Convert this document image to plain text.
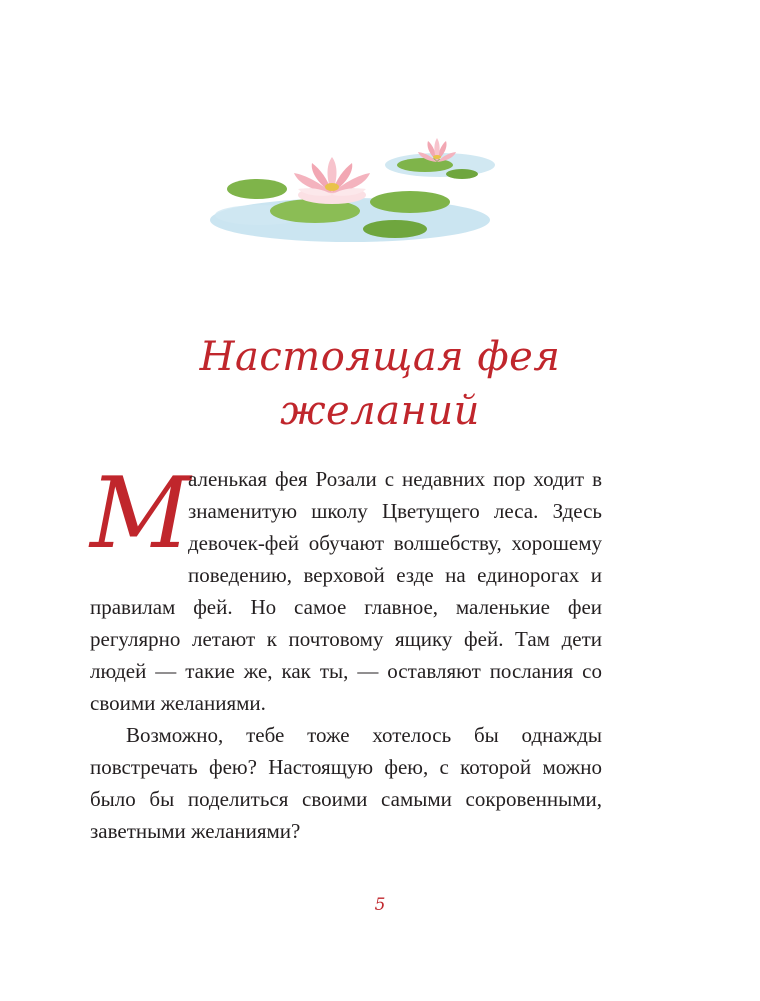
Настоящая фея
желаний

М
аленькая фея Розали с недавних пор ходит в знаменитую школу Цветущего леса. Здесь девочек-фей обучают волшебству, хорошему поведению, верховой езде на единорогах и правилам фей. Но самое главное, маленькие феи регулярно летают к почтовому ящику фей. Там дети людей — такие же, как ты, — оставляют послания со своими желаниями.

Возможно, тебе тоже хотелось бы однажды повстречать фею? Настоящую фею, с которой можно было бы поделиться своими самыми сокровенными, заветными желаниями?

5
